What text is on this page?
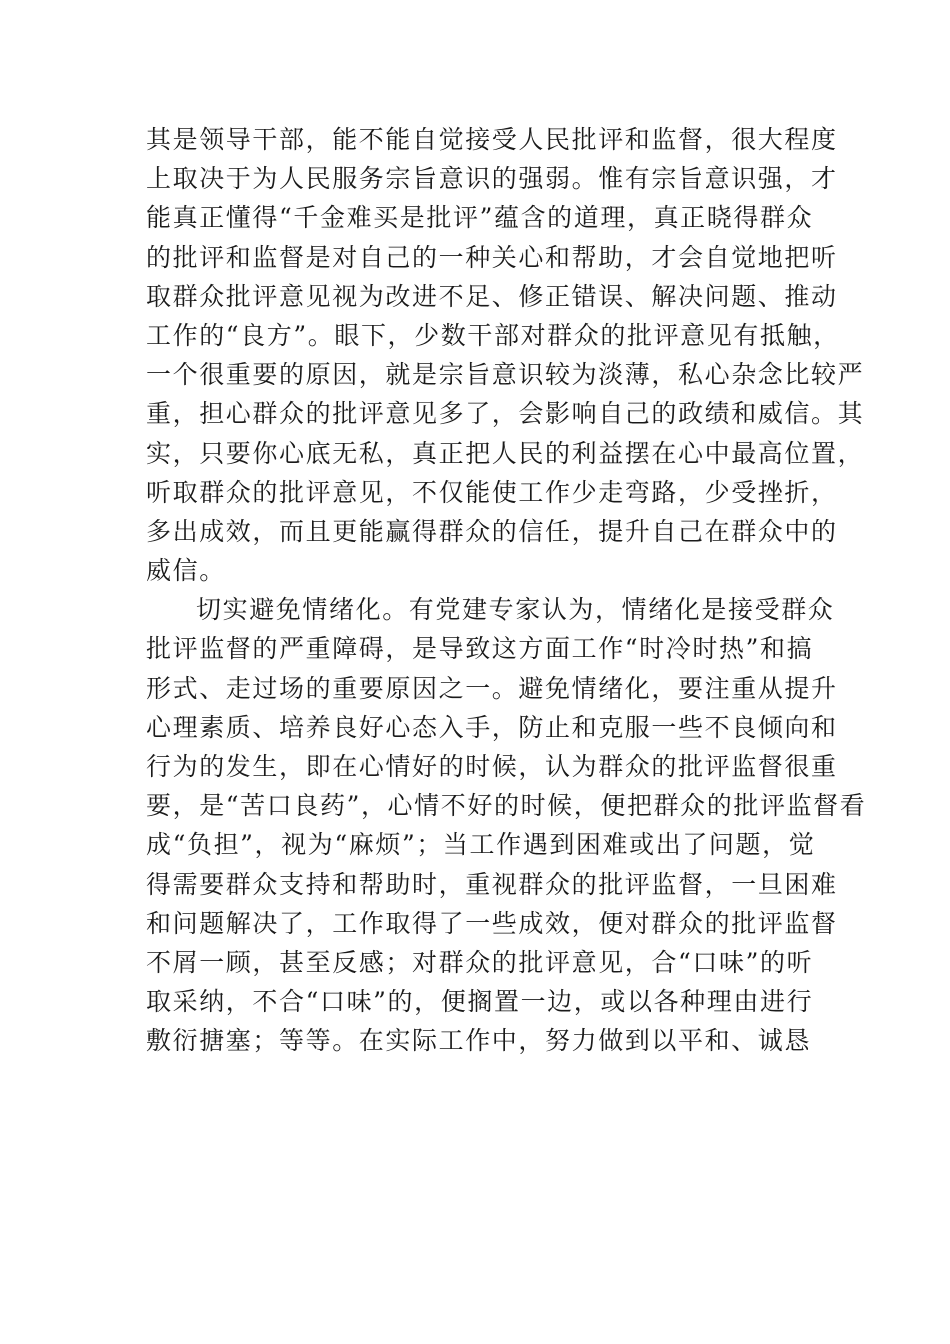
其是领导干部，能不能自觉接受人民批评和监督，很大程度
上取决于为人民服务宗旨意识的强弱。惟有宗旨意识强，才
能真正懂得“千金难买是批评”蕴含的道理，真正晓得群众
的批评和监督是对自己的一种关心和帮助，才会自觉地把听
取群众批评意见视为改进不足、修正错误、解决问题、推动
工作的“良方”。眼下，少数干部对群众的批评意见有抵触，
一个很重要的原因，就是宗旨意识较为淡薄，私心杂念比较严
重，担心群众的批评意见多了，会影响自己的政绩和威信。其
实，只要你心底无私，真正把人民的利益摆在心中最高位置，
听取群众的批评意见，不仅能使工作少走弯路，少受挫折，
多出成效，而且更能赢得群众的信任，提升自己在群众中的
威信。
切实避免情绪化。有党建专家认为，情绪化是接受群众
批评监督的严重障碍，是导致这方面工作“时冷时热”和搞
形式、走过场的重要原因之一。避免情绪化，要注重从提升
心理素质、培养良好心态入手，防止和克服一些不良倾向和
行为的发生，即在心情好的时候，认为群众的批评监督很重
要，是“苦口良药”，心情不好的时候，便把群众的批评监督看
成“负担”，视为“麻烦”；当工作遇到困难或出了问题，觉
得需要群众支持和帮助时，重视群众的批评监督，一旦困难
和问题解决了，工作取得了一些成效，便对群众的批评监督
不屑一顾，甚至反感；对群众的批评意见，合“口味”的听
取采纳，不合“口味”的，便搁置一边，或以各种理由进行
敷衍搪塞；等等。在实际工作中，努力做到以平和、诚恳
